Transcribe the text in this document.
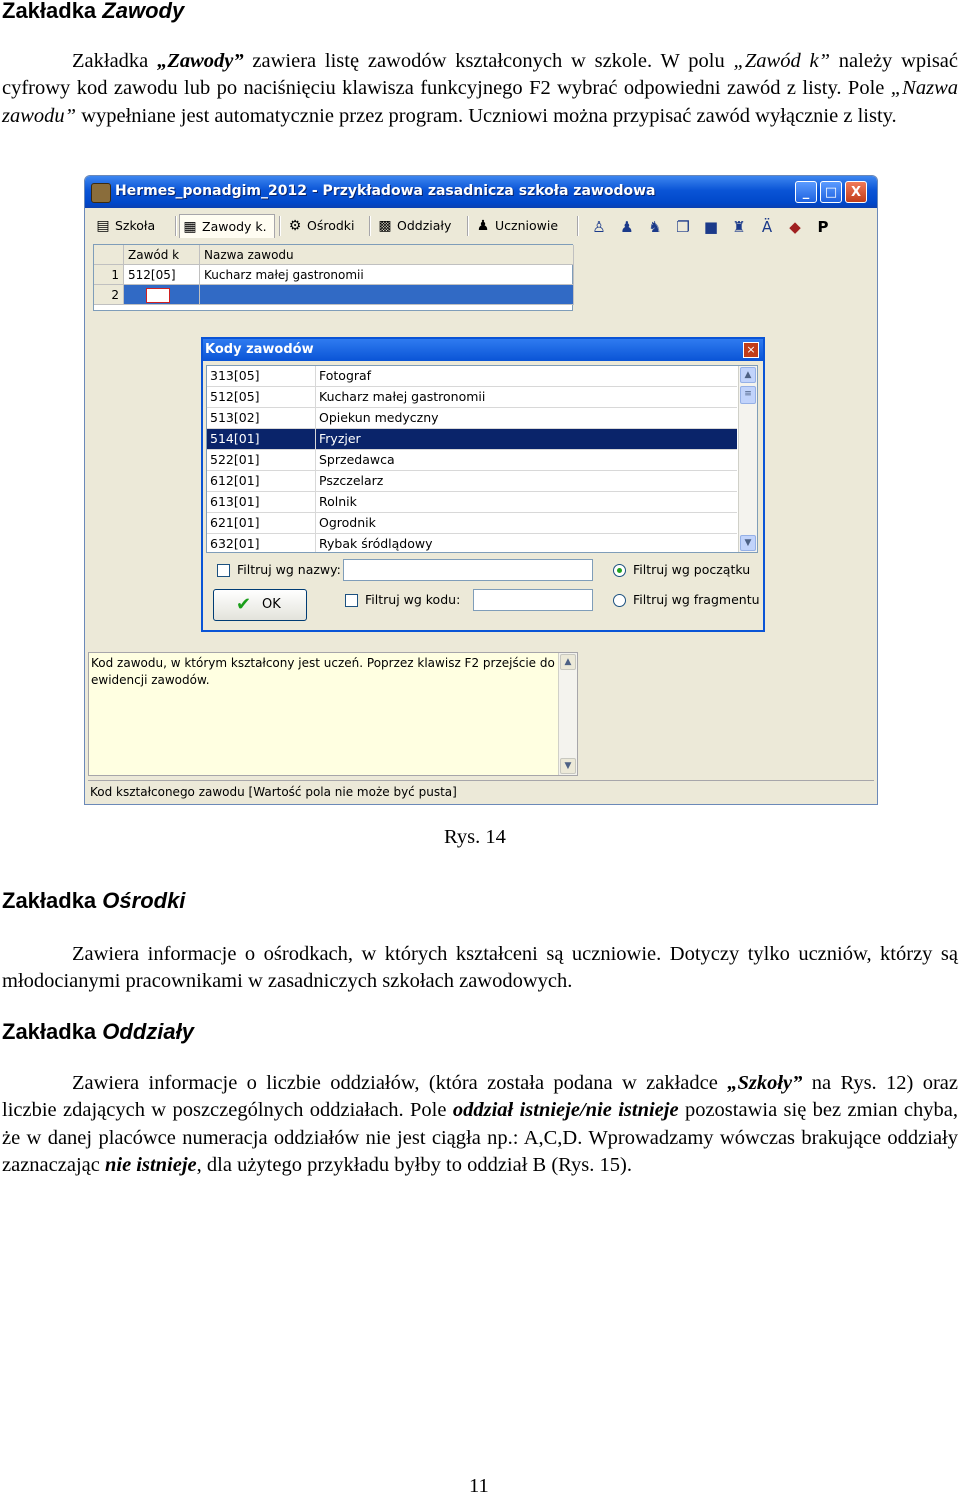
Zakładka Zawody

Zakładka „Zawody” zawiera listę zawodów kształconych w szkole. W polu „Zawód k” należy wpisać cyfrowy kod zawodu lub po naciśnięciu klawisza funkcyjnego F2 wybrać odpowiedni zawód z listy. Pole „Nazwa zawodu” wypełniane jest automatycznie przez program. Uczniowi można przypisać zawód wyłącznie z listy.

Hermes_ponadgim_2012 - Przykładowa zasadnicza szkoła zawodowa	_	□	X
▤ Szkoła	▦ Zawody k.	⚙ Ośrodki	▩ Oddziały	♟ Uczniowie	♙ ♟ ♞ ❐ ■ ♜	Ä	◆	P
Zawód k	Nazwa zawodu
1 512[05]	Kucharz małej gastronomii
2
Kody zawodów	×
313[05]	Fotograf
512[05]	Kucharz małej gastronomii
513[02]	Opiekun medyczny
514[01]	Fryzjer
522[01]	Sprzedawca
612[01]	Pszczelarz
613[01]	Rolnik
621[01]	Ogrodnik
632[01]	Rybak śródlądowy
▲
≡
▼
Filtruj wg nazwy:	Filtruj wg początku
✔ OK	Filtruj wg kodu:	Filtruj wg fragmentu
Kod zawodu, w którym kształcony jest uczeń. Poprzez klawisz F2 przejście do ewidencji zawodów.
▲
▼
Kod kształconego zawodu [Wartość pola nie może być pusta]
Rys. 14
Zakładka Ośrodki

Zawiera informacje o ośrodkach, w których kształceni są uczniowie. Dotyczy tylko uczniów, którzy są młodocianymi pracownikami w zasadniczych szkołach zawodowych.

Zakładka Oddziały

Zawiera informacje o liczbie oddziałów, (która została podana w zakładce „Szkoły” na Rys. 12) oraz liczbie zdających w poszczególnych oddziałach. Pole oddział istnieje/nie istnieje pozostawia się bez zmian chyba, że w danej placówce numeracja oddziałów nie jest ciągła np.: A,C,D. Wprowadzamy wówczas brakujące oddziały zaznaczając nie istnieje, dla użytego przykładu byłby to oddział B (Rys. 15).

11
